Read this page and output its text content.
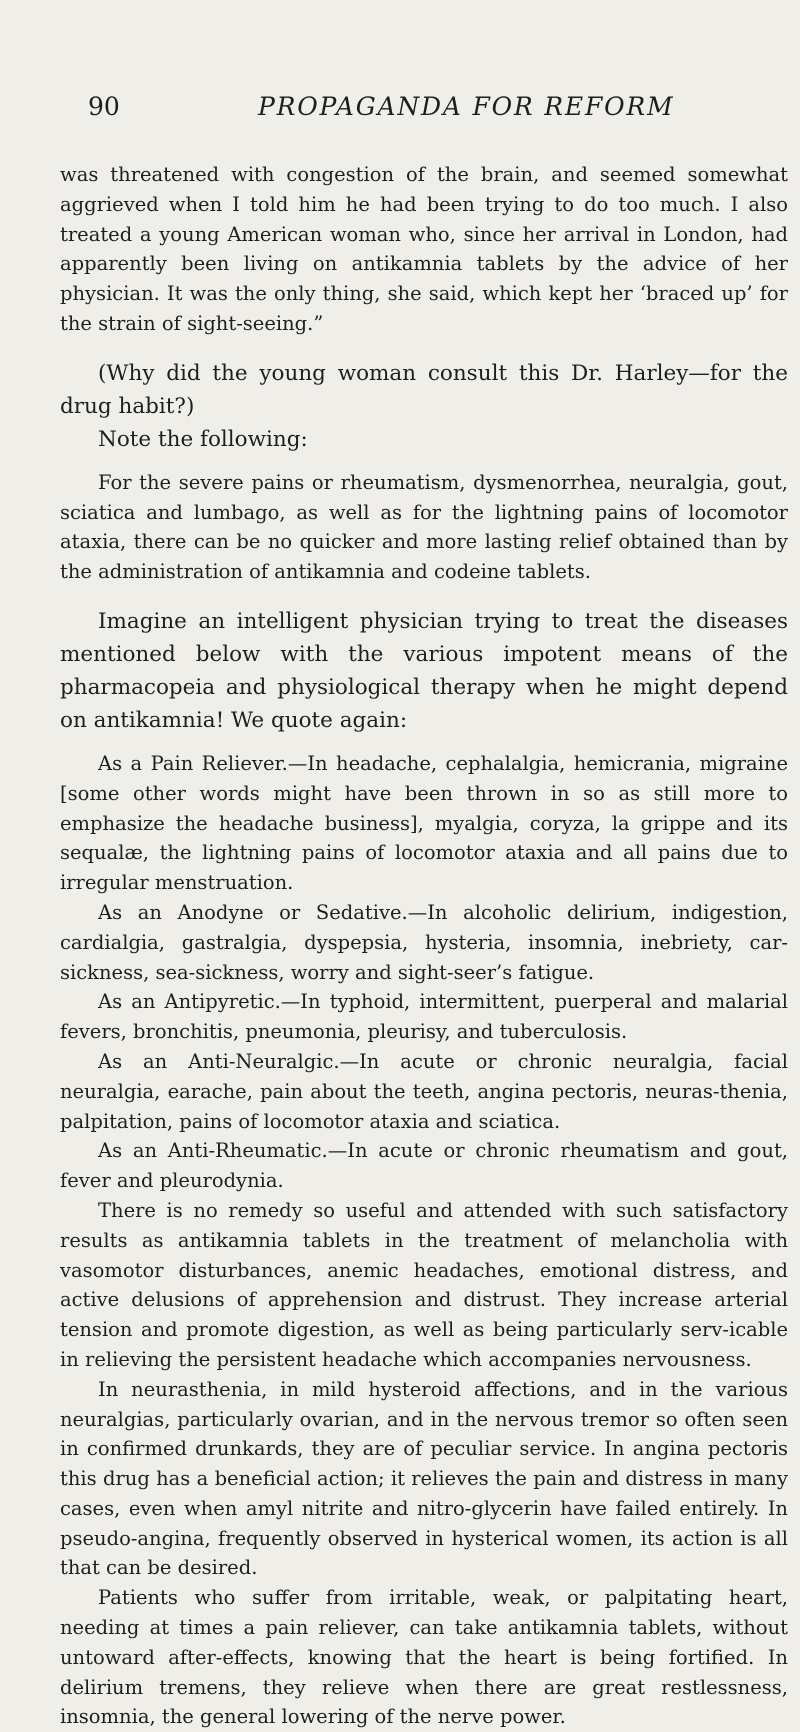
90	PROPAGANDA FOR REFORM

was threatened with congestion of the brain, and seemed somewhat aggrieved when I told him he had been trying to do too much. I also treated a young American woman who, since her arrival in London, had apparently been living on antikamnia tablets by the advice of her physician. It was the only thing, she said, which kept her ‘braced up’ for the strain of sight-seeing.”

(Why did the young woman consult this Dr. Harley—for the drug habit?)

Note the following:

For the severe pains or rheumatism, dysmenorrhea, neuralgia, gout, sciatica and lumbago, as well as for the lightning pains of locomotor ataxia, there can be no quicker and more lasting relief obtained than by the administration of antikamnia and codeine tablets.

Imagine an intelligent physician trying to treat the diseases mentioned below with the various impotent means of the pharmacopeia and physiological therapy when he might depend on antikamnia! We quote again:

As a Pain Reliever.—In headache, cephalalgia, hemicrania, migraine [some other words might have been thrown in so as still more to emphasize the headache business], myalgia, coryza, la grippe and its sequalæ, the lightning pains of locomotor ataxia and all pains due to irregular menstruation.

As an Anodyne or Sedative.—In alcoholic delirium, indigestion, cardialgia, gastralgia, dyspepsia, hysteria, insomnia, inebriety, car-sickness, sea-sickness, worry and sight-seer’s fatigue.

As an Antipyretic.—In typhoid, intermittent, puerperal and malarial fevers, bronchitis, pneumonia, pleurisy, and tuberculosis.

As an Anti-Neuralgic.—In acute or chronic neuralgia, facial neuralgia, earache, pain about the teeth, angina pectoris, neuras-thenia, palpitation, pains of locomotor ataxia and sciatica.

As an Anti-Rheumatic.—In acute or chronic rheumatism and gout, fever and pleurodynia.

There is no remedy so useful and attended with such satisfactory results as antikamnia tablets in the treatment of melancholia with vasomotor disturbances, anemic headaches, emotional distress, and active delusions of apprehension and distrust. They increase arterial tension and promote digestion, as well as being particularly serv-icable in relieving the persistent headache which accompanies nervousness.

In neurasthenia, in mild hysteroid affections, and in the various neuralgias, particularly ovarian, and in the nervous tremor so often seen in confirmed drunkards, they are of peculiar service. In angina pectoris this drug has a beneficial action; it relieves the pain and distress in many cases, even when amyl nitrite and nitro-glycerin have failed entirely. In pseudo-angina, frequently observed in hysterical women, its action is all that can be desired.

Patients who suffer from irritable, weak, or palpitating heart, needing at times a pain reliever, can take antikamnia tablets, without untoward after-effects, knowing that the heart is being fortified. In delirium tremens, they relieve when there are great restlessness, insomnia, the general lowering of the nerve power.
